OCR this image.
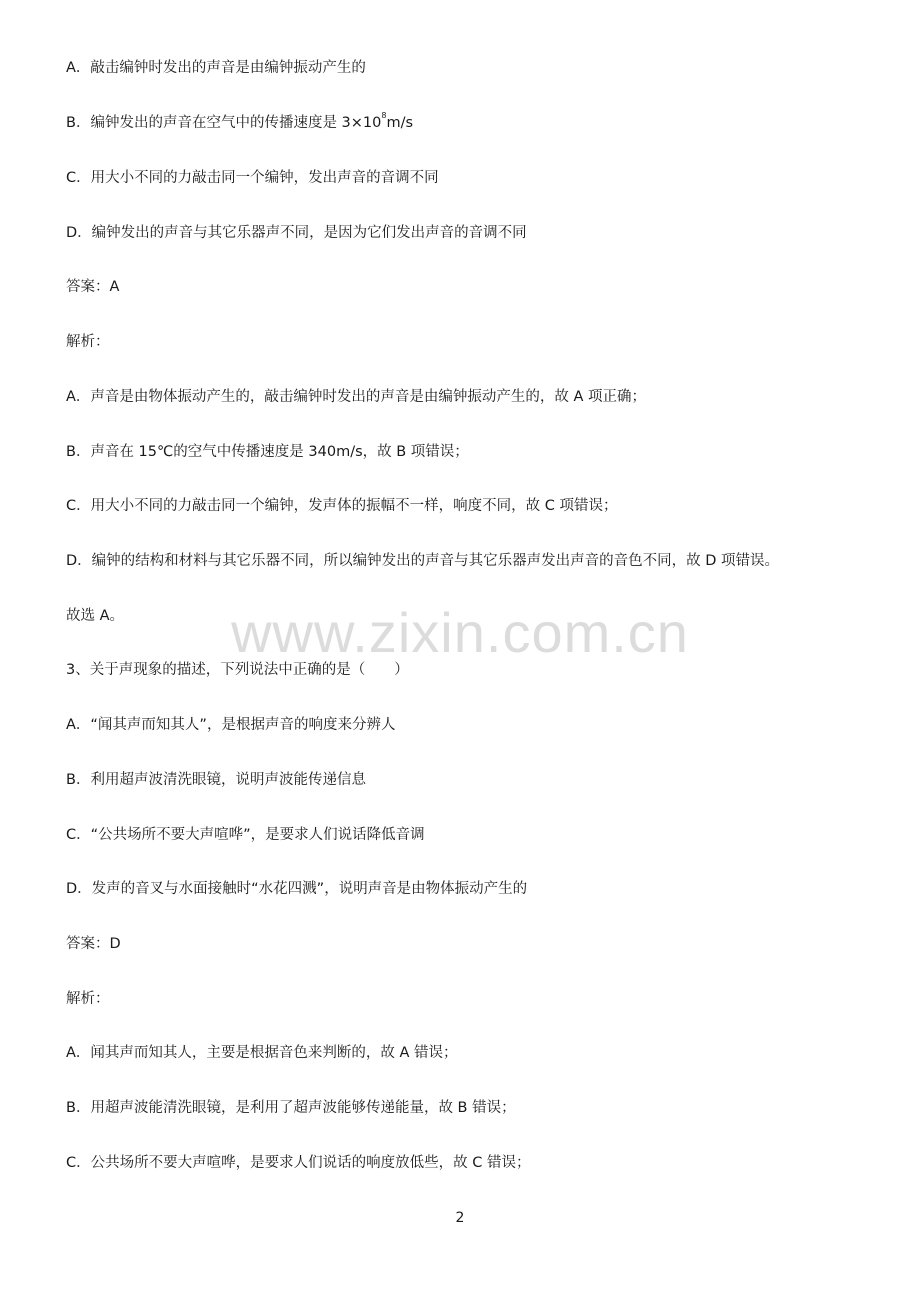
A．敲击编钟时发出的声音是由编钟振动产生的
B．编钟发出的声音在空气中的传播速度是 $3\times 10^8m/s$
C．用大小不同的力敲击同一个编钟，发出声音的音调不同
D．编钟发出的声音与其它乐器声不同，是因为它们发出声音的音调不同
答案：A
解析：
A．声音是由物体振动产生的，敲击编钟时发出的声音是由编钟振动产生的，故 A 项正确；
B．声音在 15℃的空气中传播速度是 340m/s，故 B 项错误；
C．用大小不同的力敲击同一个编钟，发声体的振幅不一样，响度不同，故 C 项错误；
D．编钟的结构和材料与其它乐器不同，所以编钟发出的声音与其它乐器声发出声音的音色不同，故 D 项错误。
故选 A。	www.zixin.com.cn
3、关于声现象的描述，下列说法中正确的是（　　）
A．“闻其声而知其人”，是根据声音的响度来分辨人
B．利用超声波清洗眼镜，说明声波能传递信息
C．“公共场所不要大声喧哗”，是要求人们说话降低音调
D．发声的音叉与水面接触时“水花四溅”，说明声音是由物体振动产生的
答案：D
解析：
A．闻其声而知其人，主要是根据音色来判断的，故 A 错误；
B．用超声波能清洗眼镜，是利用了超声波能够传递能量，故 B 错误；
C．公共场所不要大声喧哗，是要求人们说话的响度放低些，故 C 错误；
2
